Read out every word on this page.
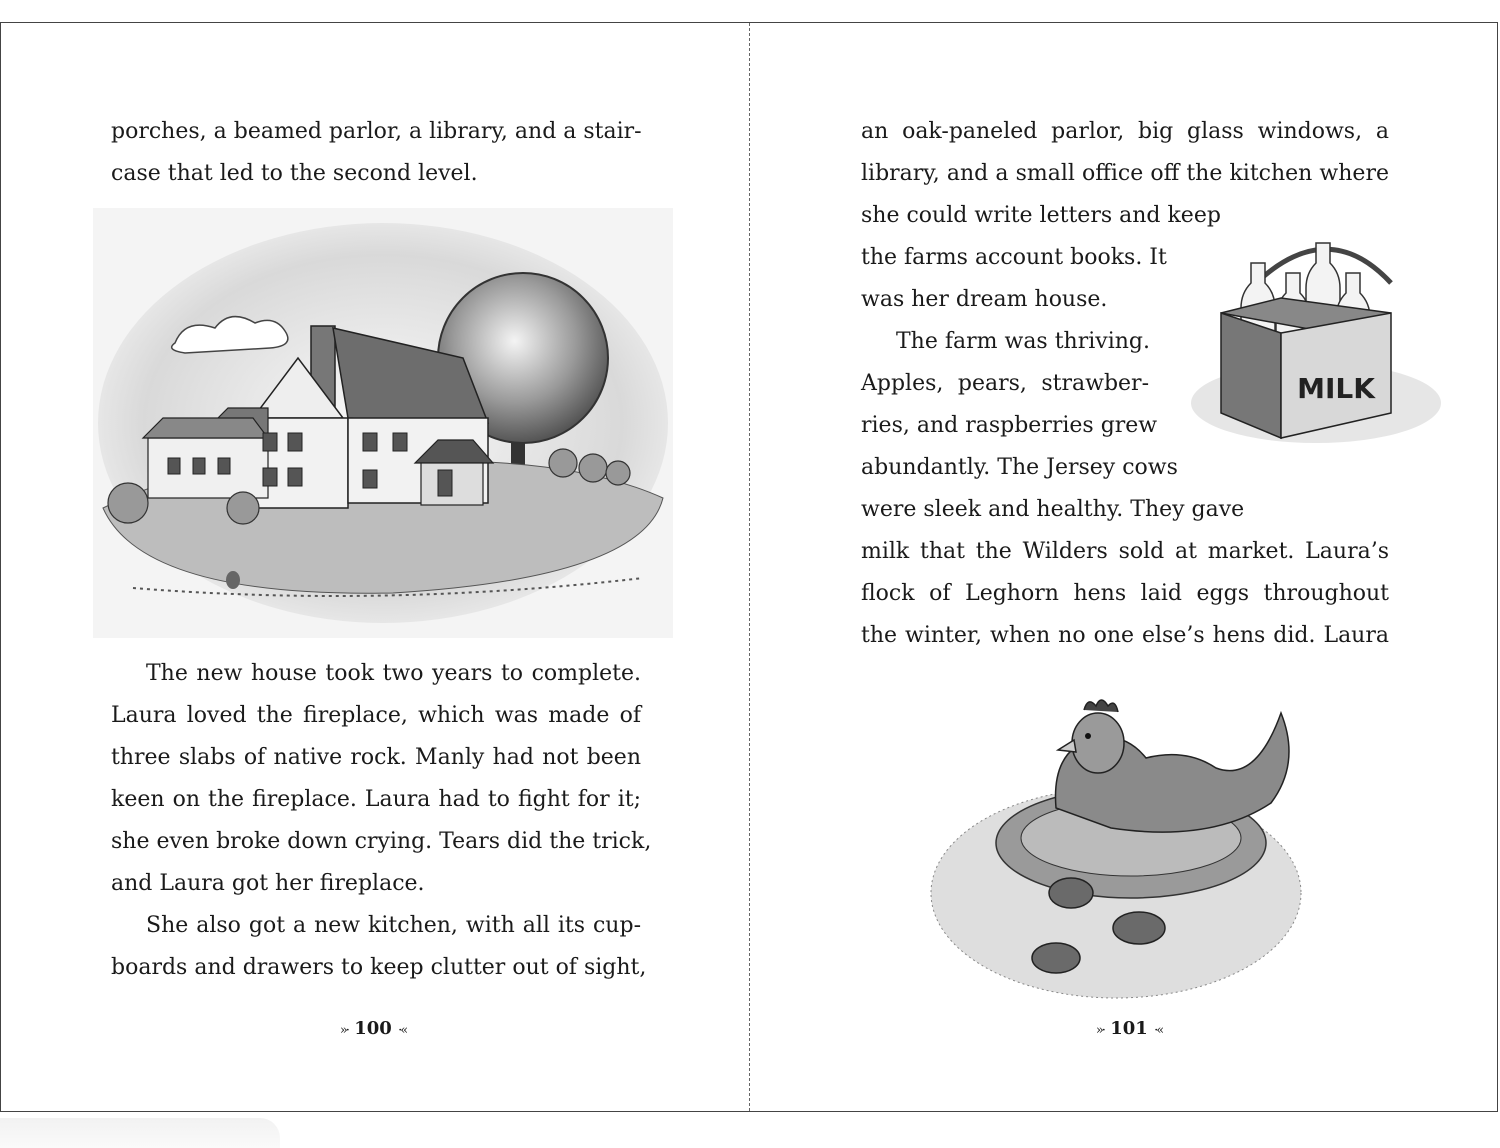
porches, a beamed parlor, a library, and a stair-
case that led to the second level.
The new house took two years to complete.
Laura loved the fireplace, which was made of
three slabs of native rock. Manly had not been
keen on the fireplace. Laura had to fight for it;
she even broke down crying. Tears did the trick,
and Laura got her fireplace.
She also got a new kitchen, with all its cup-
boards and drawers to keep clutter out of sight,
»· 100 ·«
an oak-paneled parlor, big glass windows, a
library, and a small office off the kitchen where
she could write letters and keep
the farms account books. It
was her dream house.
The farm was thriving.
Apples, pears, strawber-
ries, and raspberries grew
abundantly. The Jersey cows
were sleek and healthy. They gave
milk that the Wilders sold at market. Laura’s
flock of Leghorn hens laid eggs throughout
the winter, when no one else’s hens did. Laura
MILK
»· 101 ·«
